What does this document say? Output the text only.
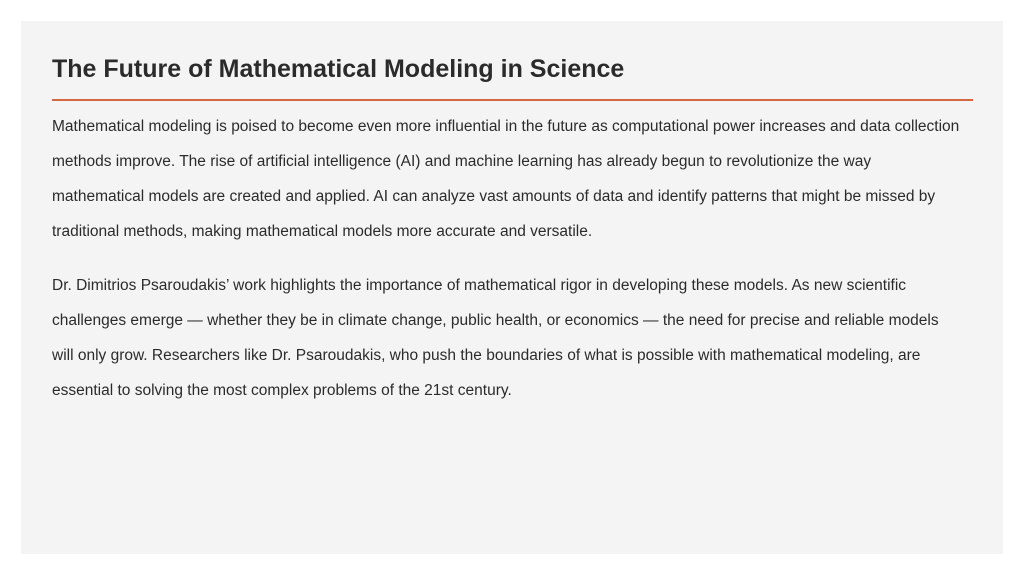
The Future of Mathematical Modeling in Science

Mathematical modeling is poised to become even more influential in the future as computational power increases and data collection methods improve. The rise of artificial intelligence (AI) and machine learning has already begun to revolutionize the way mathematical models are created and applied. AI can analyze vast amounts of data and identify patterns that might be missed by traditional methods, making mathematical models more accurate and versatile.

Dr. Dimitrios Psaroudakis’ work highlights the importance of mathematical rigor in developing these models. As new scientific challenges emerge — whether they be in climate change, public health, or economics — the need for precise and reliable models will only grow. Researchers like Dr. Psaroudakis, who push the boundaries of what is possible with mathematical modeling, are essential to solving the most complex problems of the 21st century.
